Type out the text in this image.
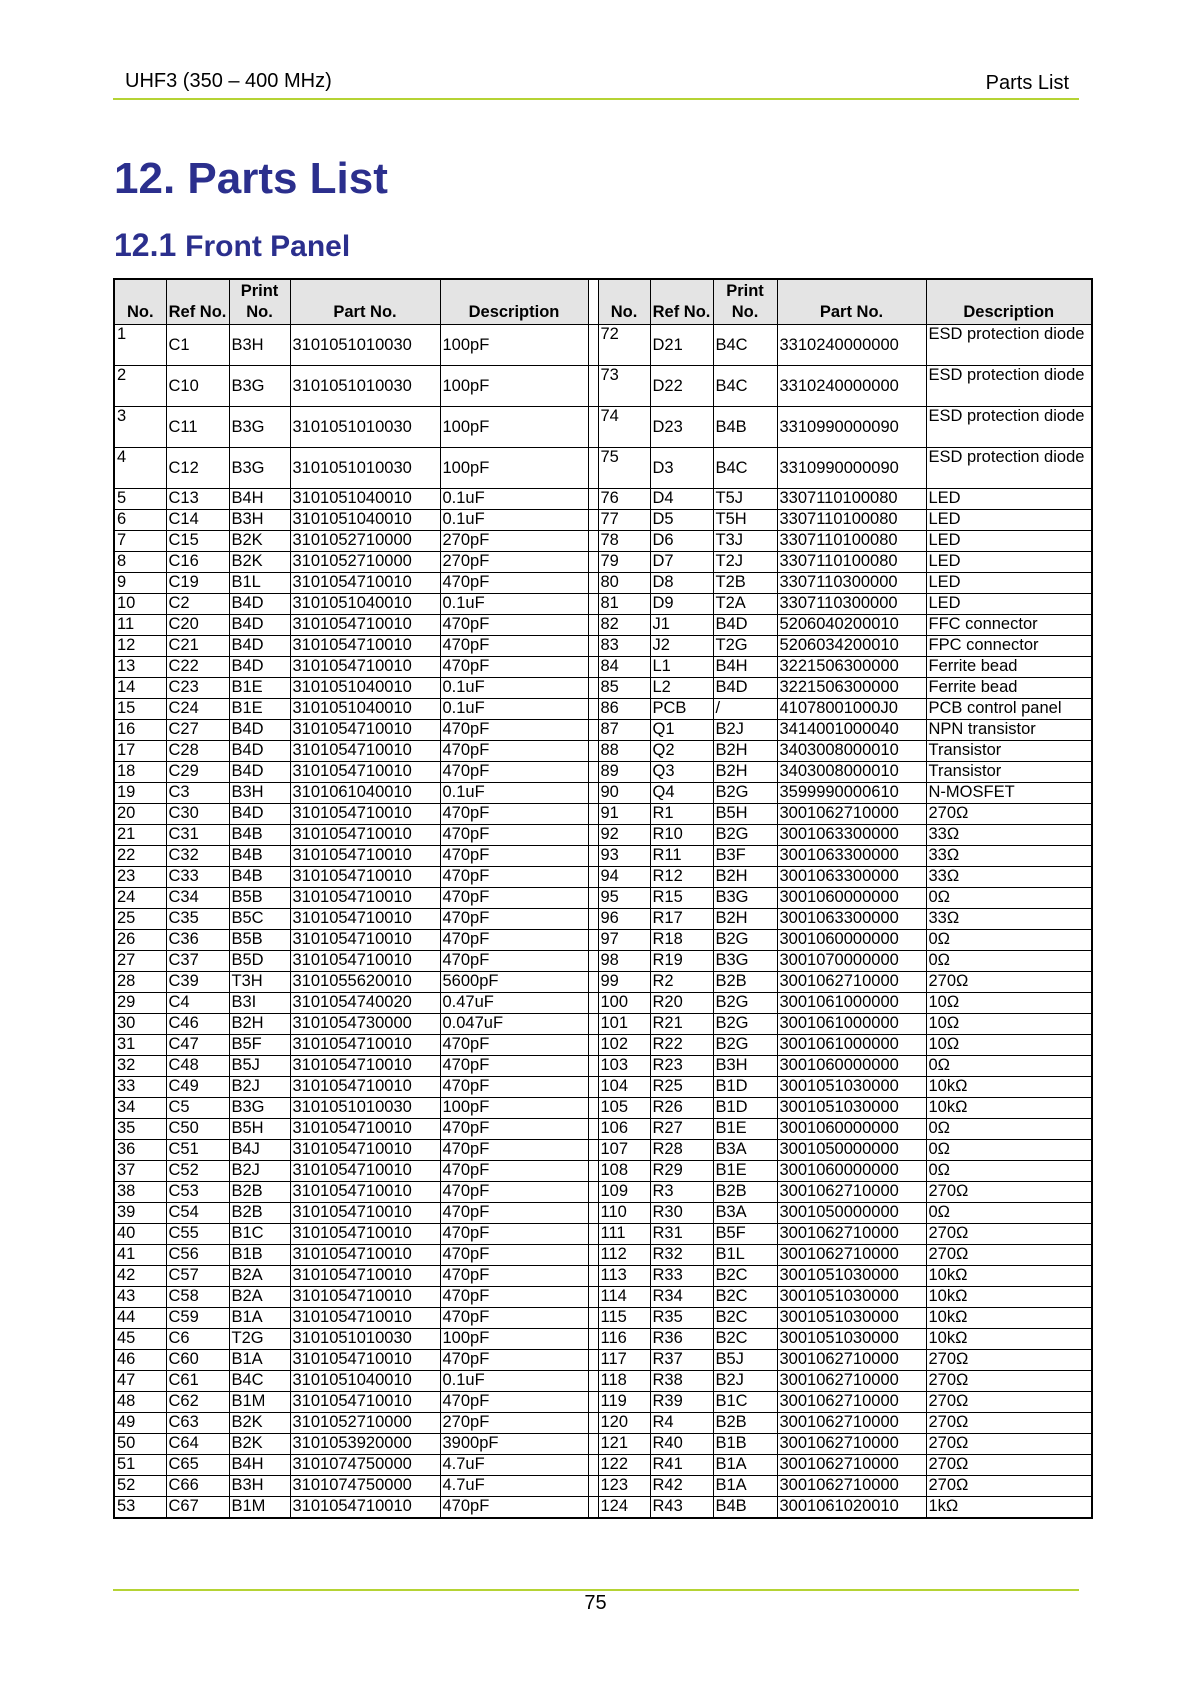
UHF3 (350 – 400 MHz)	Parts List
12. Parts List
12.1 Front Panel
No.	Ref No.	Print No.	Part No.	Description		No.	Ref No.	Print No.	Part No.	Description
1	C1	B3H	3101051010030	100pF		72	D21	B4C	3310240000000	ESD protection diode
2	C10	B3G	3101051010030	100pF		73	D22	B4C	3310240000000	ESD protection diode
3	C11	B3G	3101051010030	100pF		74	D23	B4B	3310990000090	ESD protection diode
4	C12	B3G	3101051010030	100pF		75	D3	B4C	3310990000090	ESD protection diode
5	C13	B4H	3101051040010	0.1uF		76	D4	T5J	3307110100080	LED
6	C14	B3H	3101051040010	0.1uF		77	D5	T5H	3307110100080	LED
7	C15	B2K	3101052710000	270pF		78	D6	T3J	3307110100080	LED
8	C16	B2K	3101052710000	270pF		79	D7	T2J	3307110100080	LED
9	C19	B1L	3101054710010	470pF		80	D8	T2B	3307110300000	LED
10	C2	B4D	3101051040010	0.1uF		81	D9	T2A	3307110300000	LED
11	C20	B4D	3101054710010	470pF		82	J1	B4D	5206040200010	FFC connector
12	C21	B4D	3101054710010	470pF		83	J2	T2G	5206034200010	FPC connector
13	C22	B4D	3101054710010	470pF		84	L1	B4H	3221506300000	Ferrite bead
14	C23	B1E	3101051040010	0.1uF		85	L2	B4D	3221506300000	Ferrite bead
15	C24	B1E	3101051040010	0.1uF		86	PCB	/	41078001000J0	PCB control panel
16	C27	B4D	3101054710010	470pF		87	Q1	B2J	3414001000040	NPN transistor
17	C28	B4D	3101054710010	470pF		88	Q2	B2H	3403008000010	Transistor
18	C29	B4D	3101054710010	470pF		89	Q3	B2H	3403008000010	Transistor
19	C3	B3H	3101061040010	0.1uF		90	Q4	B2G	3599990000610	N-MOSFET
20	C30	B4D	3101054710010	470pF		91	R1	B5H	3001062710000	270Ω
21	C31	B4B	3101054710010	470pF		92	R10	B2G	3001063300000	33Ω
22	C32	B4B	3101054710010	470pF		93	R11	B3F	3001063300000	33Ω
23	C33	B4B	3101054710010	470pF		94	R12	B2H	3001063300000	33Ω
24	C34	B5B	3101054710010	470pF		95	R15	B3G	3001060000000	0Ω
25	C35	B5C	3101054710010	470pF		96	R17	B2H	3001063300000	33Ω
26	C36	B5B	3101054710010	470pF		97	R18	B2G	3001060000000	0Ω
27	C37	B5D	3101054710010	470pF		98	R19	B3G	3001070000000	0Ω
28	C39	T3H	3101055620010	5600pF		99	R2	B2B	3001062710000	270Ω
29	C4	B3I	3101054740020	0.47uF		100	R20	B2G	3001061000000	10Ω
30	C46	B2H	3101054730000	0.047uF		101	R21	B2G	3001061000000	10Ω
31	C47	B5F	3101054710010	470pF		102	R22	B2G	3001061000000	10Ω
32	C48	B5J	3101054710010	470pF		103	R23	B3H	3001060000000	0Ω
33	C49	B2J	3101054710010	470pF		104	R25	B1D	3001051030000	10kΩ
34	C5	B3G	3101051010030	100pF		105	R26	B1D	3001051030000	10kΩ
35	C50	B5H	3101054710010	470pF		106	R27	B1E	3001060000000	0Ω
36	C51	B4J	3101054710010	470pF		107	R28	B3A	3001050000000	0Ω
37	C52	B2J	3101054710010	470pF		108	R29	B1E	3001060000000	0Ω
38	C53	B2B	3101054710010	470pF		109	R3	B2B	3001062710000	270Ω
39	C54	B2B	3101054710010	470pF		110	R30	B3A	3001050000000	0Ω
40	C55	B1C	3101054710010	470pF		111	R31	B5F	3001062710000	270Ω
41	C56	B1B	3101054710010	470pF		112	R32	B1L	3001062710000	270Ω
42	C57	B2A	3101054710010	470pF		113	R33	B2C	3001051030000	10kΩ
43	C58	B2A	3101054710010	470pF		114	R34	B2C	3001051030000	10kΩ
44	C59	B1A	3101054710010	470pF		115	R35	B2C	3001051030000	10kΩ
45	C6	T2G	3101051010030	100pF		116	R36	B2C	3001051030000	10kΩ
46	C60	B1A	3101054710010	470pF		117	R37	B5J	3001062710000	270Ω
47	C61	B4C	3101051040010	0.1uF		118	R38	B2J	3001062710000	270Ω
48	C62	B1M	3101054710010	470pF		119	R39	B1C	3001062710000	270Ω
49	C63	B2K	3101052710000	270pF		120	R4	B2B	3001062710000	270Ω
50	C64	B2K	3101053920000	3900pF		121	R40	B1B	3001062710000	270Ω
51	C65	B4H	3101074750000	4.7uF		122	R41	B1A	3001062710000	270Ω
52	C66	B3H	3101074750000	4.7uF		123	R42	B1A	3001062710000	270Ω
53	C67	B1M	3101054710010	470pF		124	R43	B4B	3001061020010	1kΩ
75
